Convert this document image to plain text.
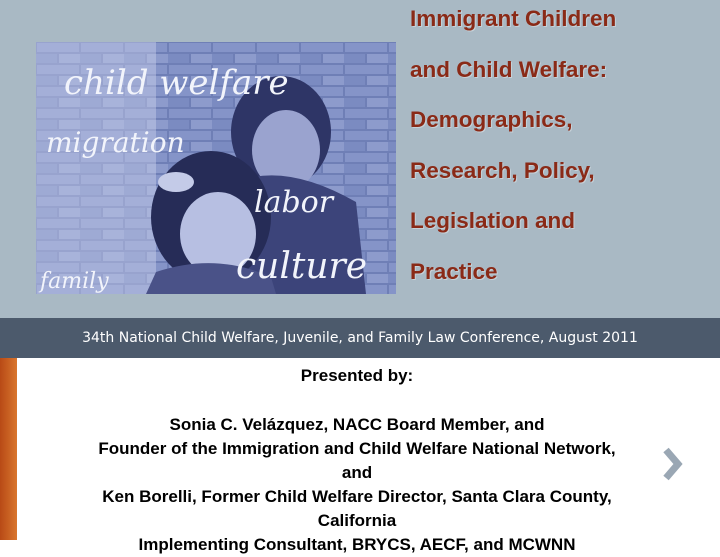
child welfare
migration
labor
culture
family
Immigrant Children
and Child Welfare:
Demographics,
Research, Policy,
Legislation and
Practice
34th National Child Welfare, Juvenile, and Family Law Conference, August 2011
Presented by:
Sonia C. Velázquez, NACC Board Member, and
Founder of the Immigration and Child Welfare National Network,
and
Ken Borelli, Former Child Welfare Director, Santa Clara County,
California
Implementing Consultant, BRYCS, AECF, and MCWNN
